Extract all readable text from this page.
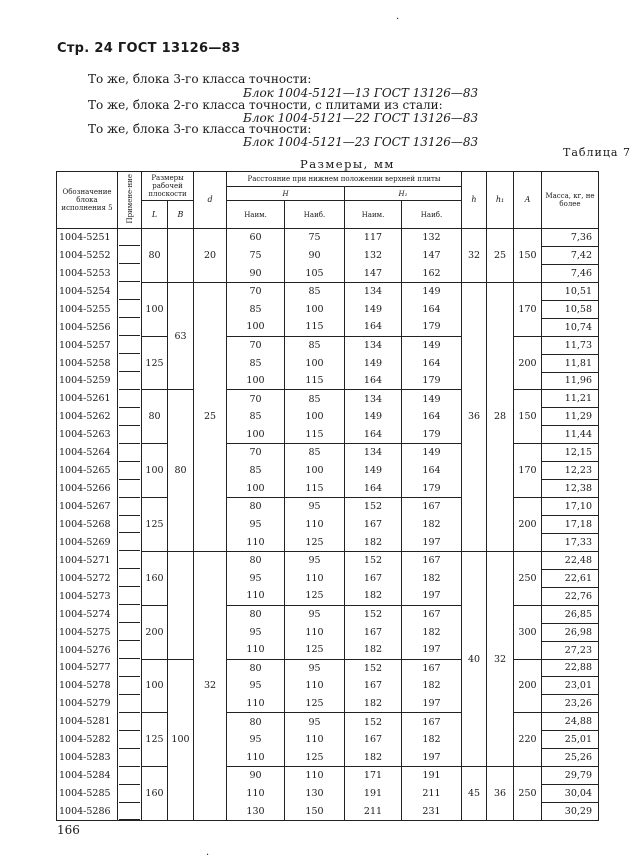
Стр. 24 ГОСТ 13126—83
То же, блока 3-го класса точности:
Блок 1004-5121—13 ГОСТ 13126—83
То же, блока 2-го класса точности, с плитами из стали:
Блок 1004-5121—22 ГОСТ 13126—83
То же, блока 3-го класса точности:
Блок 1004-5121—23 ГОСТ 13126—83
Таблица 7
Размеры, мм
Обозначение блока исполнения 5	Примене-ние	Размеры рабочей плоскости		d	Расстояние при нижнем положении верхней плиты				h	h₁	A	Масса, кг, не более
					H		H₁					
		L	B		Наим.	Наиб.	Наим.	Наиб.				

1004-5251		80		20	60	75	117	132	32	25	150	7,36
1004-5252					75	90	132	147				7,42
1004-5253					90	105	147	162				7,46
1004-5254		100	63	25	70	85	134	149	36	28	170	10,51
1004-5255					85	100	149	164				10,58
1004-5256					100	115	164	179				10,74
1004-5257		125			70	85	134	149			200	11,73
1004-5258					85	100	149	164				11,81
1004-5259					100	115	164	179				11,96
1004-5261		80	80		70	85	134	149			150	11,21
1004-5262					85	100	149	164				11,29
1004-5263					100	115	164	179				11,44
1004-5264		100			70	85	134	149			170	12,15
1004-5265					85	100	149	164				12,23
1004-5266					100	115	164	179				12,38
1004-5267		125			80	95	152	167			200	17,10
1004-5268					95	110	167	182				17,18
1004-5269					110	125	182	197				17,33
1004-5271		160		32	80	95	152	167	40	32	250	22,48
1004-5272					95	110	167	182				22,61
1004-5273					110	125	182	197				22,76
1004-5274		200			80	95	152	167			300	26,85
1004-5275					95	110	167	182				26,98
1004-5276					110	125	182	197				27,23
1004-5277		100	100		80	95	152	167			200	22,88
1004-5278					95	110	167	182				23,01
1004-5279					110	125	182	197				23,26
1004-5281		125			80	95	152	167			220	24,88
1004-5282					95	110	167	182				25,01
1004-5283					110	125	182	197				25,26
1004-5284		160			90	110	171	191	45	36	250	29,79
1004-5285					110	130	191	211				30,04
1004-5286					130	150	211	231				30,29
166
·
·
